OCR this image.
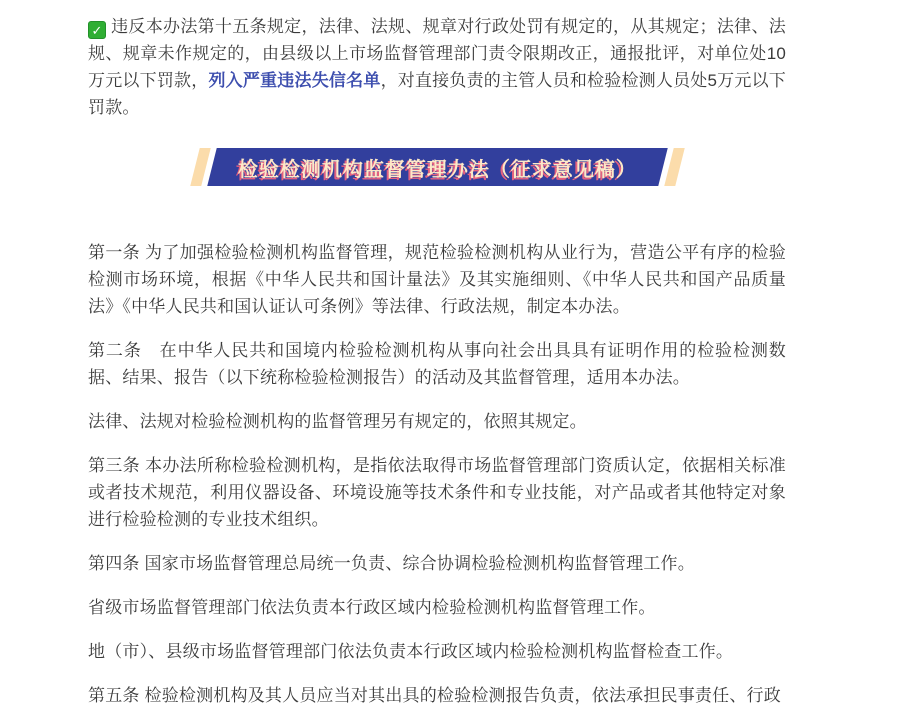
✓ 违反本办法第十五条规定，法律、法规、规章对行政处罚有规定的，从其规定；法律、法规、规章未作规定的，由县级以上市场监督管理部门责令限期改正，通报批评，对单位处10万元以下罚款，列入严重违法失信名单，对直接负责的主管人员和检验检测人员处5万元以下罚款。

检验检测机构监督管理办法（征求意见稿）

第一条 为了加强检验检测机构监督管理，规范检验检测机构从业行为，营造公平有序的检验检测市场环境，根据《中华人民共和国计量法》及其实施细则、《中华人民共和国产品质量法》《中华人民共和国认证认可条例》等法律、行政法规，制定本办法。

第二条　在中华人民共和国境内检验检测机构从事向社会出具具有证明作用的检验检测数据、结果、报告（以下统称检验检测报告）的活动及其监督管理，适用本办法。

法律、法规对检验检测机构的监督管理另有规定的，依照其规定。

第三条 本办法所称检验检测机构，是指依法取得市场监督管理部门资质认定，依据相关标准或者技术规范，利用仪器设备、环境设施等技术条件和专业技能，对产品或者其他特定对象进行检验检测的专业技术组织。

第四条 国家市场监督管理总局统一负责、综合协调检验检测机构监督管理工作。

省级市场监督管理部门依法负责本行政区域内检验检测机构监督管理工作。

地（市）、县级市场监督管理部门依法负责本行政区域内检验检测机构监督检查工作。

第五条 检验检测机构及其人员应当对其出具的检验检测报告负责，依法承担民事责任、行政
